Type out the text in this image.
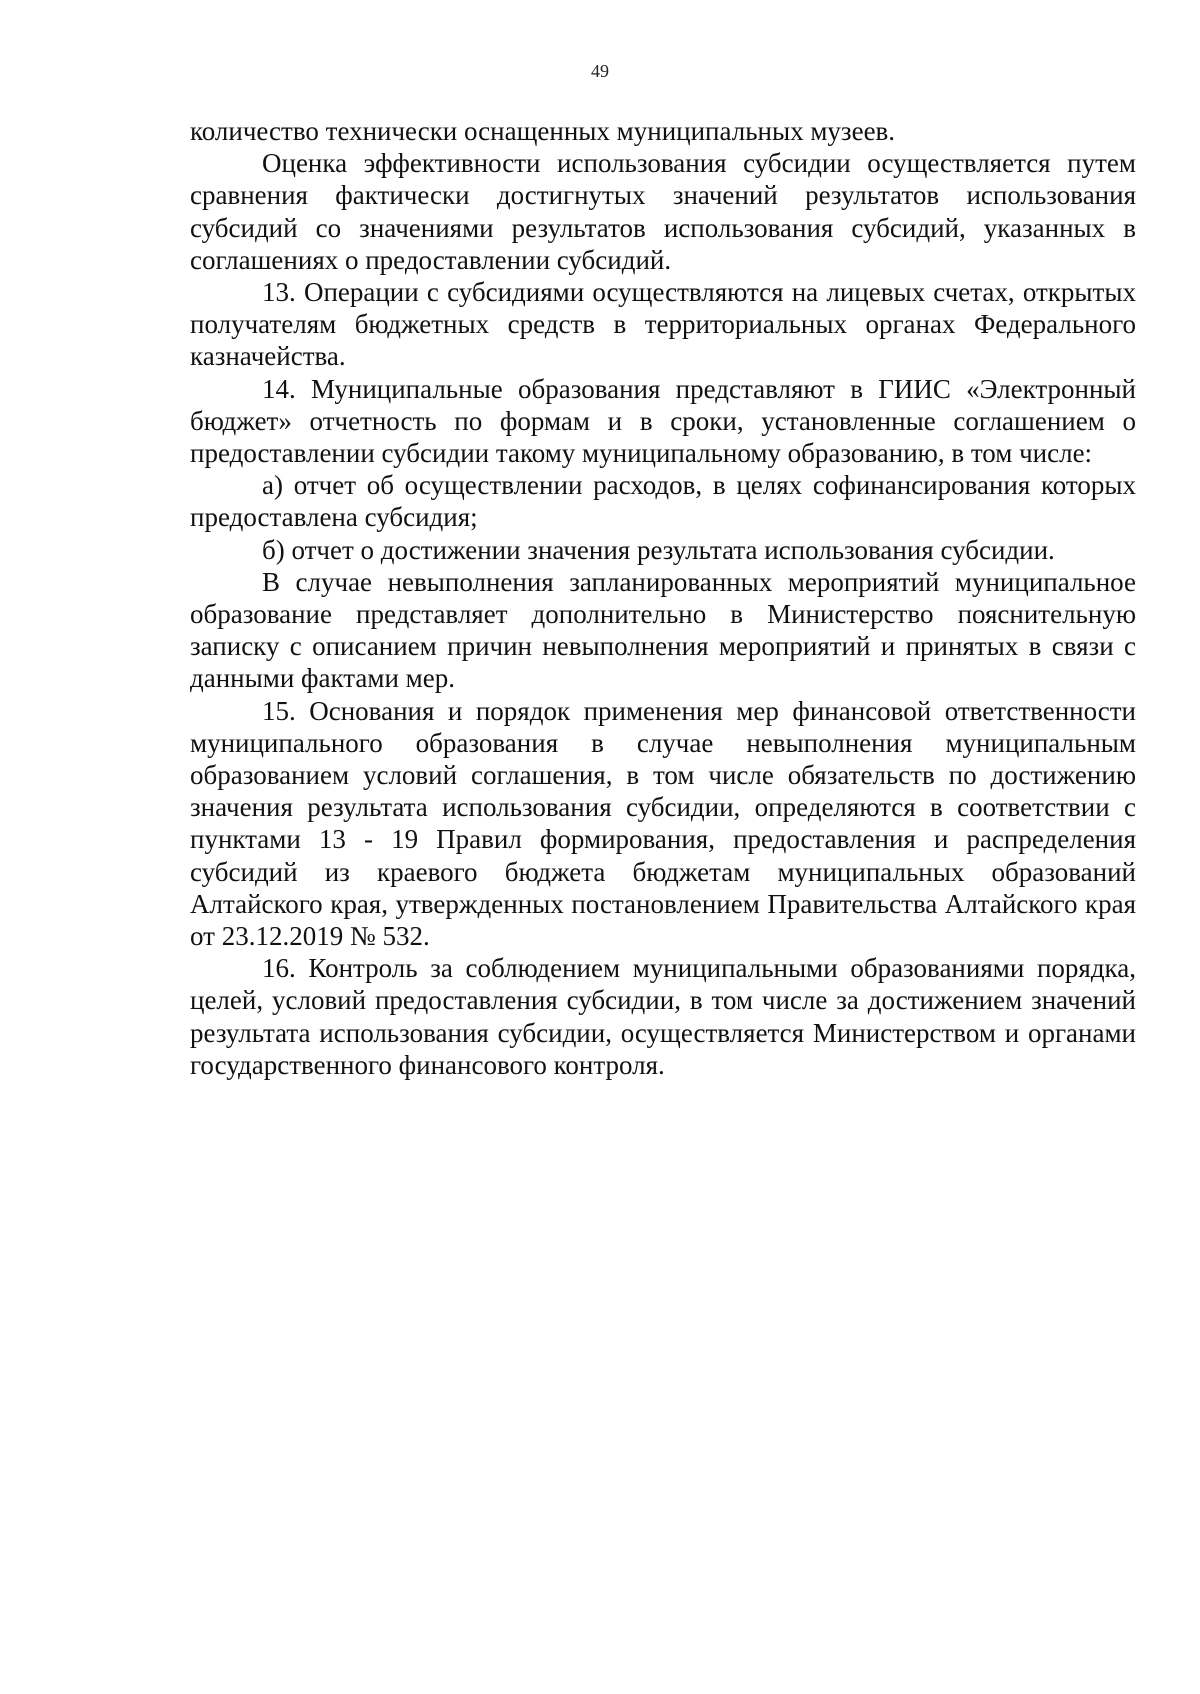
49

количество технически оснащенных муниципальных музеев.

Оценка эффективности использования субсидии осуществляется путем сравнения фактически достигнутых значений результатов использования субсидий со значениями результатов использования субсидий, указанных в соглашениях о предоставлении субсидий.

13. Операции с субсидиями осуществляются на лицевых счетах, открытых получателям бюджетных средств в территориальных органах Федерального казначейства.

14. Муниципальные образования представляют в ГИИС «Электронный бюджет» отчетность по формам и в сроки, установленные соглашением о предоставлении субсидии такому муниципальному образованию, в том числе:

а) отчет об осуществлении расходов, в целях софинансирования которых предоставлена субсидия;

б) отчет о достижении значения результата использования субсидии.

В случае невыполнения запланированных мероприятий муниципальное образование представляет дополнительно в Министерство пояснительную записку с описанием причин невыполнения мероприятий и принятых в связи с данными фактами мер.

15. Основания и порядок применения мер финансовой ответственности муниципального образования в случае невыполнения муниципальным образованием условий соглашения, в том числе обязательств по достижению значения результата использования субсидии, определяются в соответствии с пунктами 13 - 19 Правил формирования, предоставления и распределения субсидий из краевого бюджета бюджетам муниципальных образований Алтайского края, утвержденных постановлением Правительства Алтайского края от 23.12.2019 № 532.

16. Контроль за соблюдением муниципальными образованиями порядка, целей, условий предоставления субсидии, в том числе за достижением значений результата использования субсидии, осуществляется Министерством и органами государственного финансового контроля.
